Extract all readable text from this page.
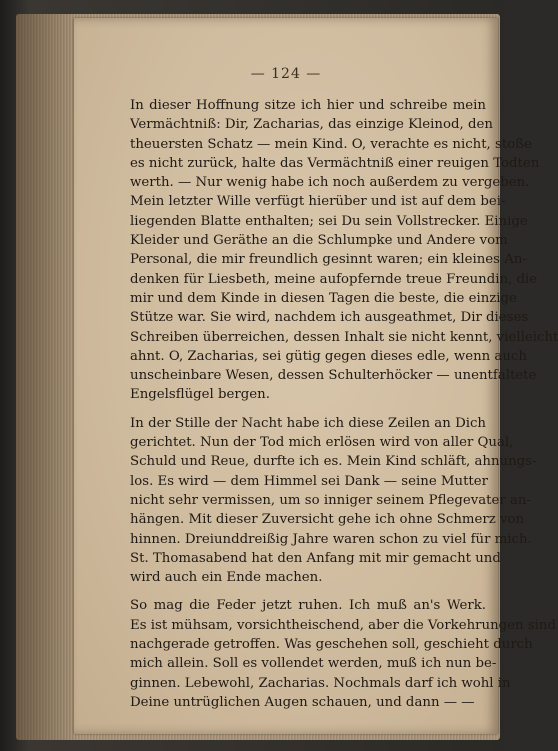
— 124 —
In dieser Hoffnung sitze ich hier und schreibe mein
Vermächtniß: Dir, Zacharias, das einzige Kleinod, den
theuersten Schatz — mein Kind. O, verachte es nicht, stoße
es nicht zurück, halte das Vermächtniß einer reuigen Todten
werth. — Nur wenig habe ich noch außerdem zu vergeben.
Mein letzter Wille verfügt hierüber und ist auf dem bei-
liegenden Blatte enthalten; sei Du sein Vollstrecker. Einige
Kleider und Geräthe an die Schlumpke und Andere vom
Personal, die mir freundlich gesinnt waren; ein kleines An-
denken für Liesbeth, meine aufopfernde treue Freundin, die
mir und dem Kinde in diesen Tagen die beste, die einzige
Stütze war. Sie wird, nachdem ich ausgeathmet, Dir dieses
Schreiben überreichen, dessen Inhalt sie nicht kennt, vielleicht
ahnt. O, Zacharias, sei gütig gegen dieses edle, wenn auch
unscheinbare Wesen, dessen Schulterhöcker — unentfaltete
Engelsflügel bergen.
In der Stille der Nacht habe ich diese Zeilen an Dich
gerichtet. Nun der Tod mich erlösen wird von aller Qual,
Schuld und Reue, durfte ich es. Mein Kind schläft, ahnungs-
los. Es wird — dem Himmel sei Dank — seine Mutter
nicht sehr vermissen, um so inniger seinem Pflegevater an-
hängen. Mit dieser Zuversicht gehe ich ohne Schmerz von
hinnen. Dreiunddreißig Jahre waren schon zu viel für mich.
St. Thomasabend hat den Anfang mit mir gemacht und
wird auch ein Ende machen.
So mag die Feder jetzt ruhen. Ich muß an's Werk.
Es ist mühsam, vorsichtheischend, aber die Vorkehrungen sind
nachgerade getroffen. Was geschehen soll, geschieht durch
mich allein. Soll es vollendet werden, muß ich nun be-
ginnen. Lebewohl, Zacharias. Nochmals darf ich wohl in
Deine untrüglichen Augen schauen, und dann — —
